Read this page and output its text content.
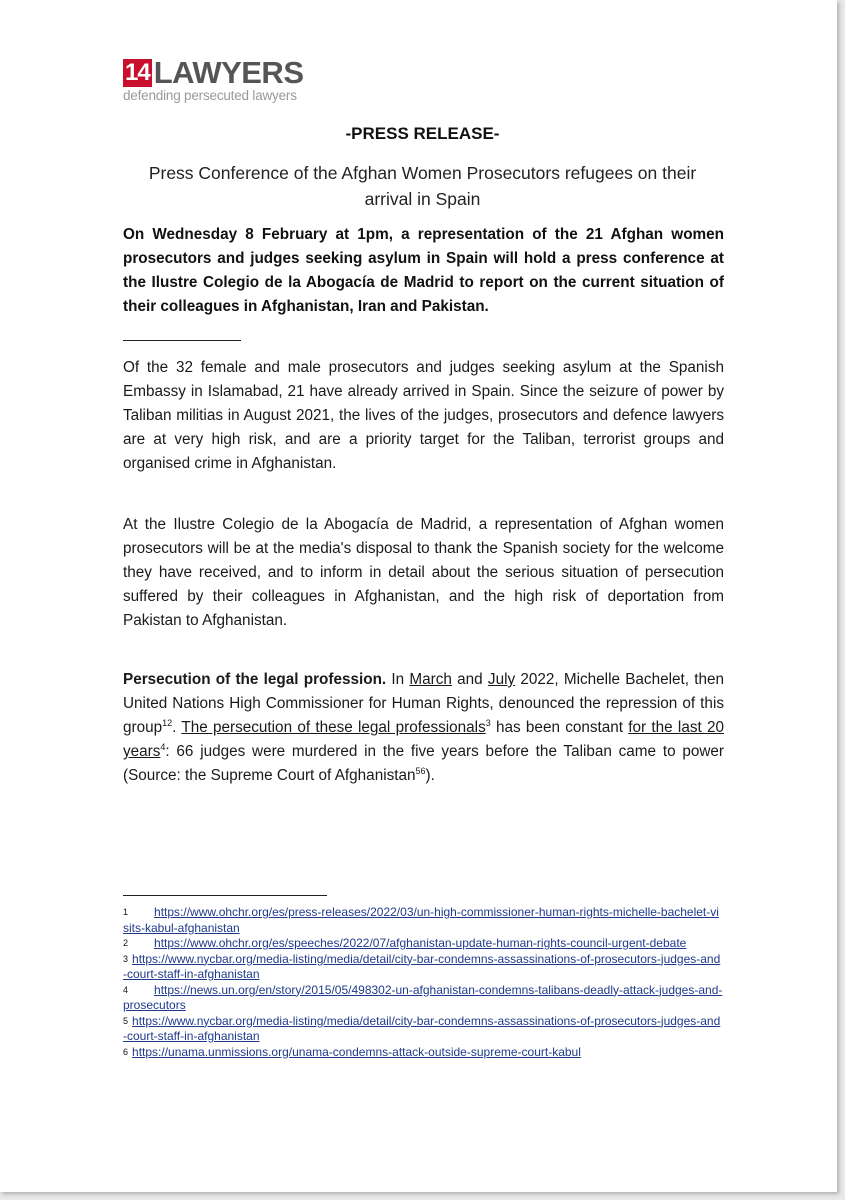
14 LAWYERS
defending persecuted lawyers
-PRESS RELEASE-
Press Conference of the Afghan Women Prosecutors refugees on their arrival in Spain
On Wednesday 8 February at 1pm, a representation of the 21 Afghan women prosecutors and judges seeking asylum in Spain will hold a press conference at the Ilustre Colegio de la Abogacía de Madrid to report on the current situation of their colleagues in Afghanistan, Iran and Pakistan.
Of the 32 female and male prosecutors and judges seeking asylum at the Spanish Embassy in Islamabad, 21 have already arrived in Spain. Since the seizure of power by Taliban militias in August 2021, the lives of the judges, prosecutors and defence lawyers are at very high risk, and are a priority target for the Taliban, terrorist groups and organised crime in Afghanistan.
At the Ilustre Colegio de la Abogacía de Madrid, a representation of Afghan women prosecutors will be at the media's disposal to thank the Spanish society for the welcome they have received, and to inform in detail about the serious situation of persecution suffered by their colleagues in Afghanistan, and the high risk of deportation from Pakistan to Afghanistan.
Persecution of the legal profession. In March and July 2022, Michelle Bachelet, then United Nations High Commissioner for Human Rights, denounced the repression of this group$^{12}$. The persecution of these legal professionals$^3$ has been constant for the last 20 years$^4$: 66 judges were murdered in the five years before the Taliban came to power (Source: the Supreme Court of Afghanistan$^{56}$).

$^1$ https://www.ohchr.org/es/press-releases/2022/03/un-high-commissioner-human-rights-michelle-bachelet-visits-kabul-afghanistan

$^2$ https://www.ohchr.org/es/speeches/2022/07/afghanistan-update-human-rights-council-urgent-debate

$^3$ https://www.nycbar.org/media-listing/media/detail/city-bar-condemns-assassinations-of-prosecutors-judges-and-court-staff-in-afghanistan

$^4$ https://news.un.org/en/story/2015/05/498302-un-afghanistan-condemns-talibans-deadly-attack-judges-and-prosecutors

$^5$ https://www.nycbar.org/media-listing/media/detail/city-bar-condemns-assassinations-of-prosecutors-judges-and-court-staff-in-afghanistan

$^6$ https://unama.unmissions.org/unama-condemns-attack-outside-supreme-court-kabul
